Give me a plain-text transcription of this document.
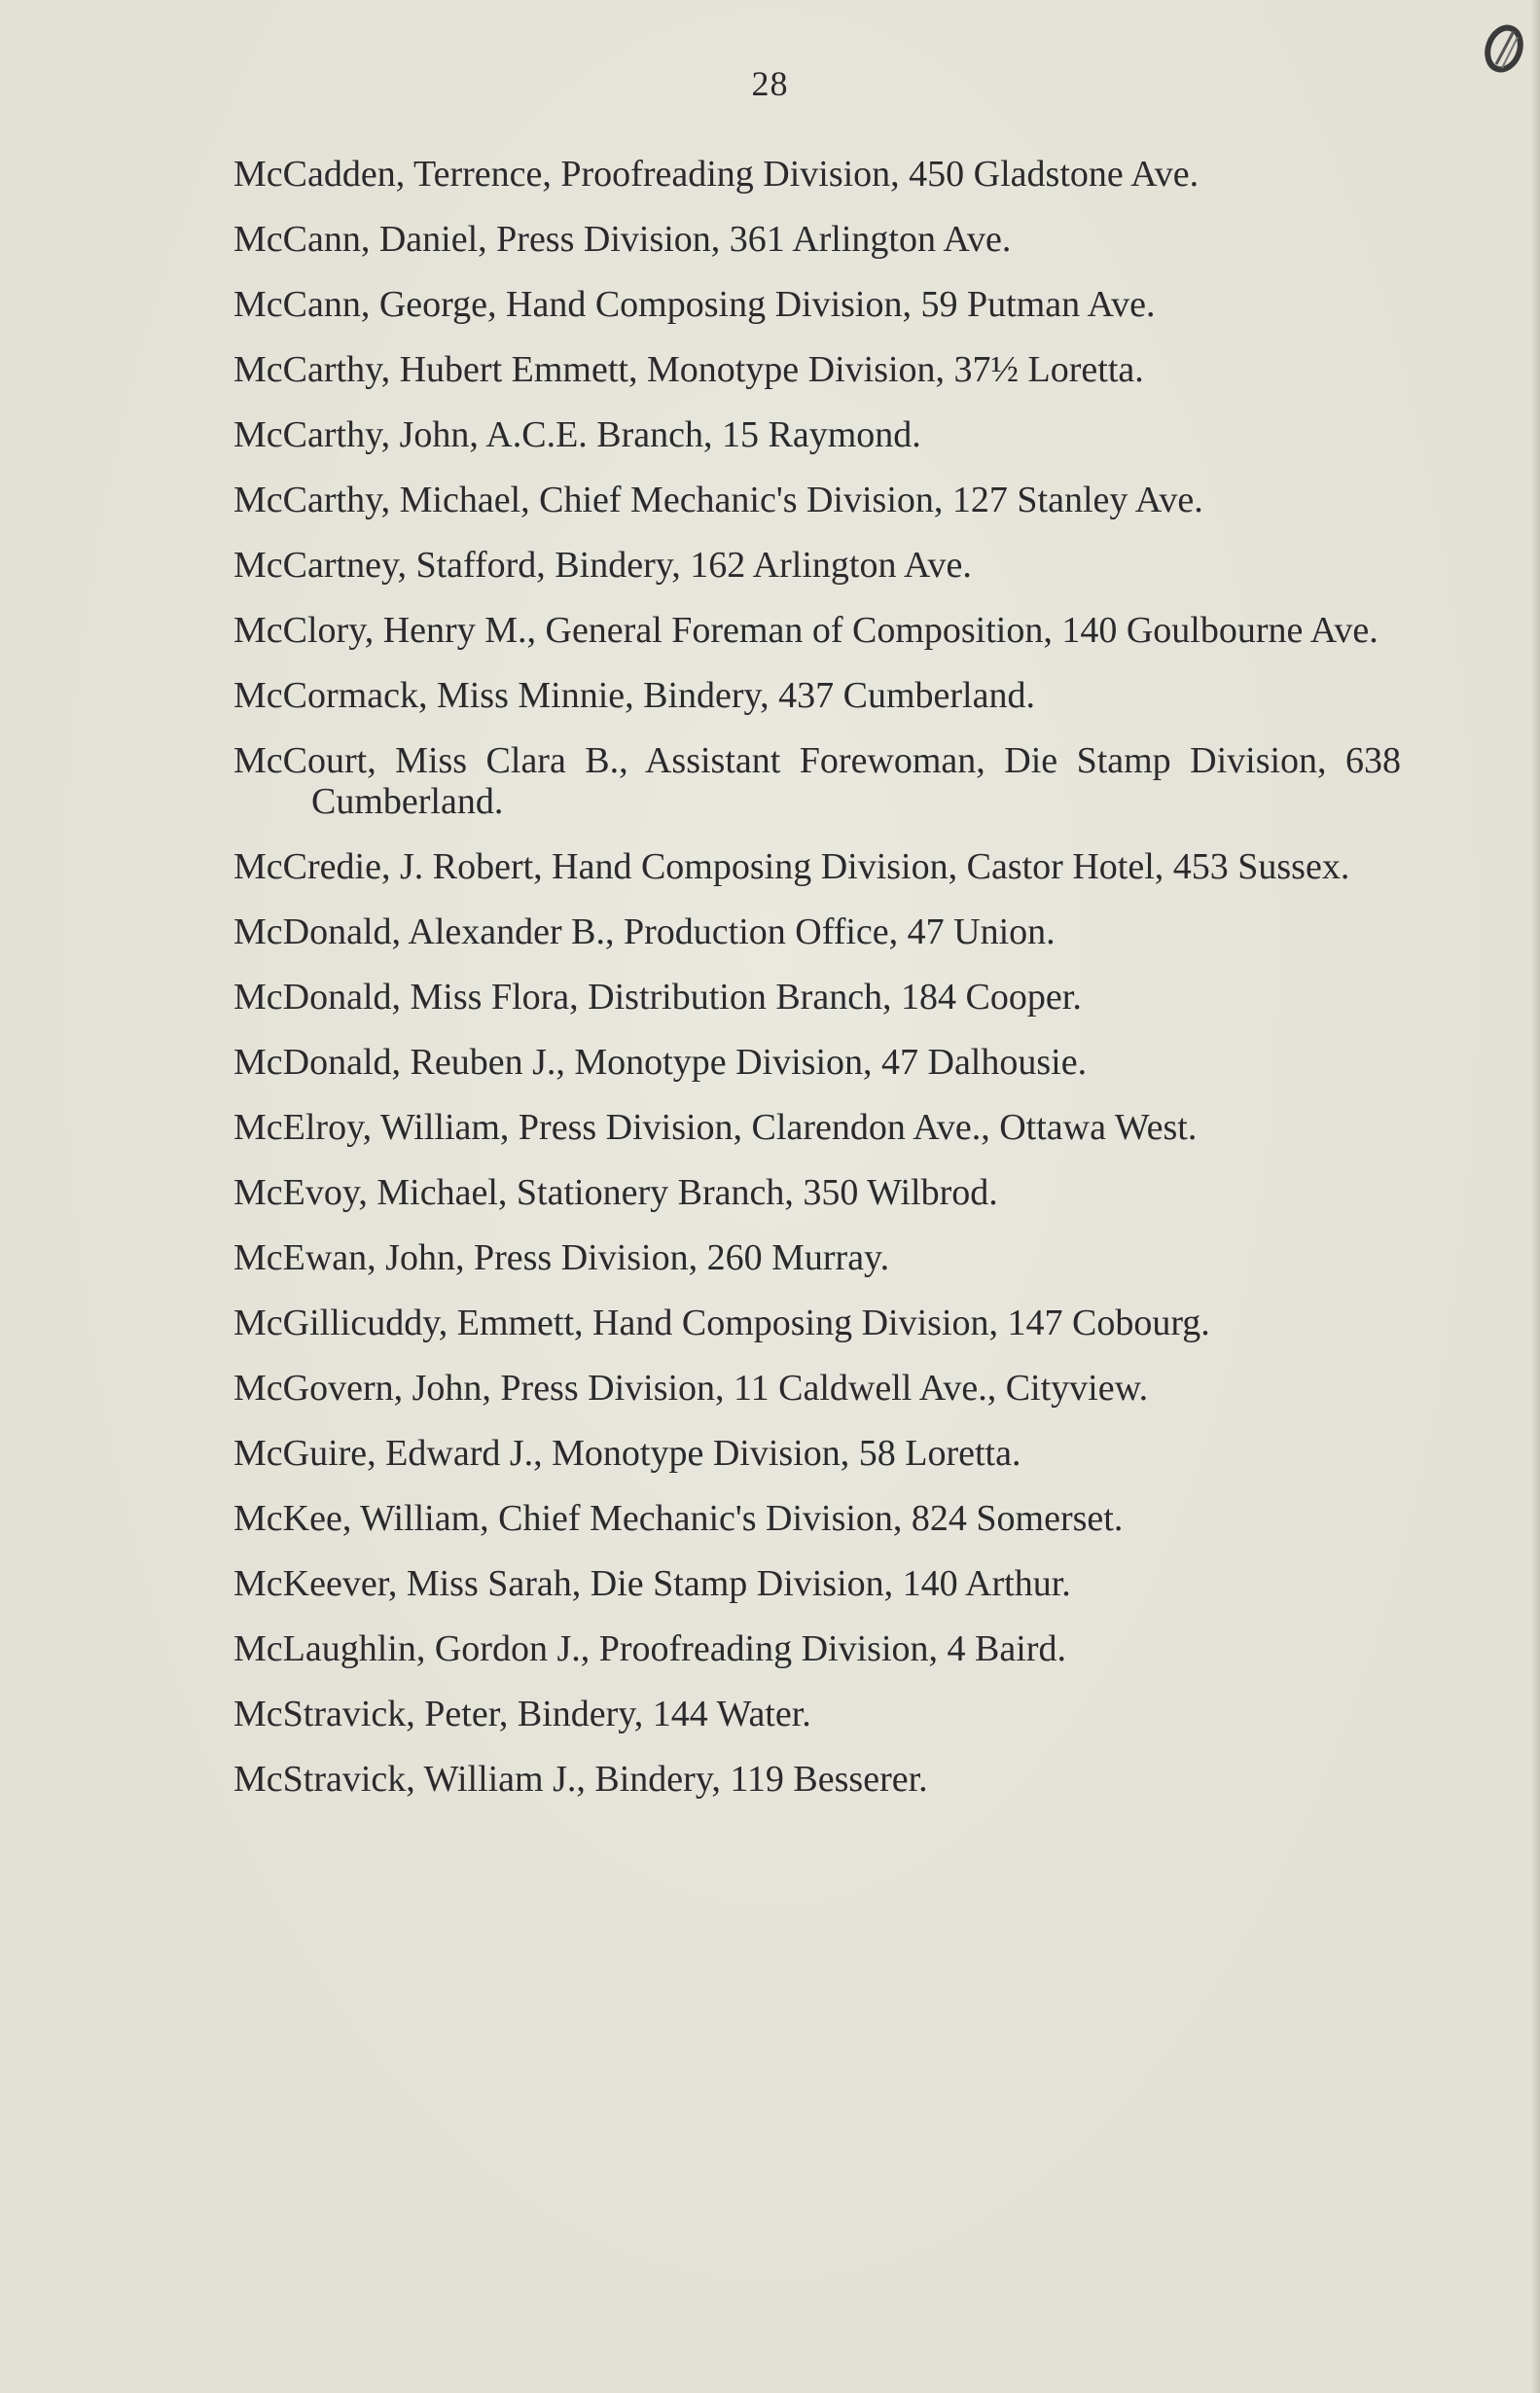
28
McCadden, Terrence, Proofreading Division, 450 Gladstone Ave.
McCann, Daniel, Press Division, 361 Arlington Ave.
McCann, George, Hand Composing Division, 59 Putman Ave.
McCarthy, Hubert Emmett, Monotype Division, 37½ Loretta.
McCarthy, John, A.C.E. Branch, 15 Raymond.
McCarthy, Michael, Chief Mechanic's Division, 127 Stanley Ave.
McCartney, Stafford, Bindery, 162 Arlington Ave.
McClory, Henry M., General Foreman of Composition, 140 Goulbourne Ave.
McCormack, Miss Minnie, Bindery, 437 Cumberland.
McCourt, Miss Clara B., Assistant Forewoman, Die Stamp Division, 638 Cumberland.
McCredie, J. Robert, Hand Composing Division, Castor Hotel, 453 Sussex.
McDonald, Alexander B., Production Office, 47 Union.
McDonald, Miss Flora, Distribution Branch, 184 Cooper.
McDonald, Reuben J., Monotype Division, 47 Dalhousie.
McElroy, William, Press Division, Clarendon Ave., Ottawa West.
McEvoy, Michael, Stationery Branch, 350 Wilbrod.
McEwan, John, Press Division, 260 Murray.
McGillicuddy, Emmett, Hand Composing Division, 147 Cobourg.
McGovern, John, Press Division, 11 Caldwell Ave., Cityview.
McGuire, Edward J., Monotype Division, 58 Loretta.
McKee, William, Chief Mechanic's Division, 824 Somerset.
McKeever, Miss Sarah, Die Stamp Division, 140 Arthur.
McLaughlin, Gordon J., Proofreading Division, 4 Baird.
McStravick, Peter, Bindery, 144 Water.
McStravick, William J., Bindery, 119 Besserer.
